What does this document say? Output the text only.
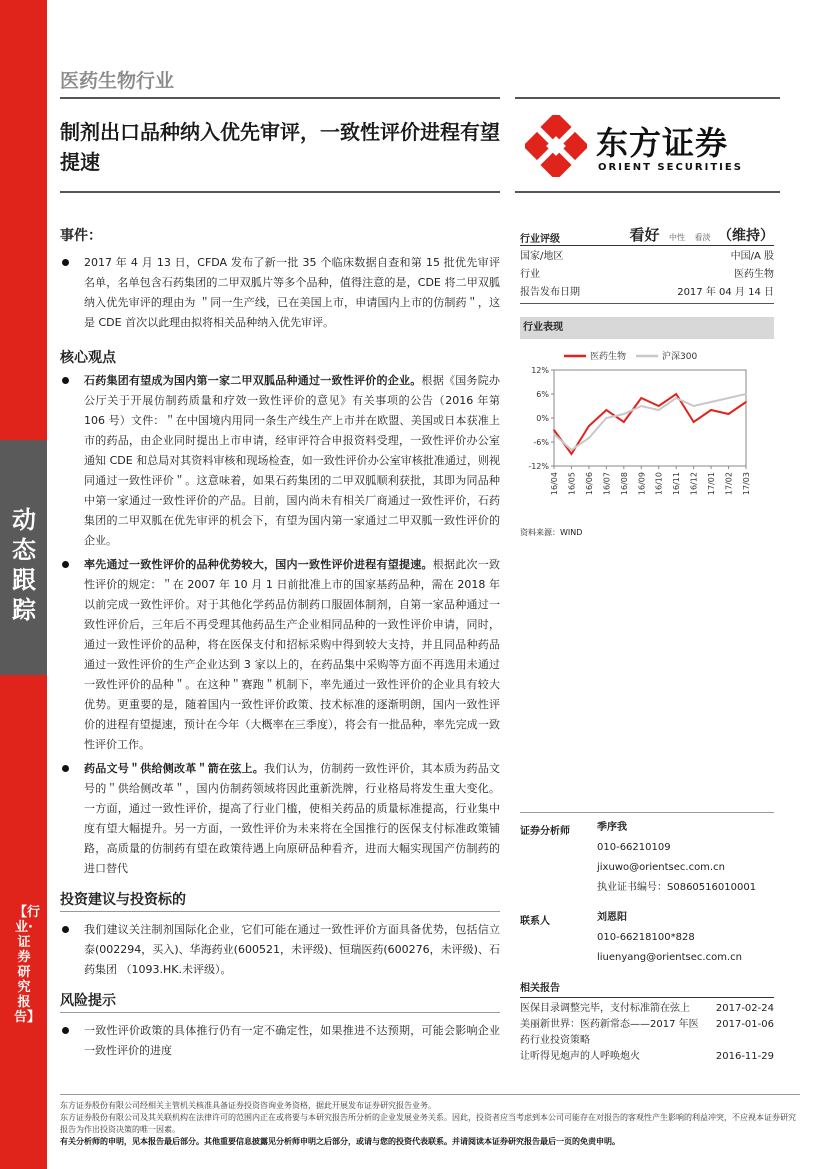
动态跟踪
【行业·证券研究报告】
医药生物行业
制剂出口品种纳入优先审评，一致性评价进程有望提速	东方证券
ORIENT SECURITIES
事件：
2017 年 4 月 13 日，CFDA 发布了新一批 35 个临床数据自查和第 15 批优先审评名单，名单包含石药集团的二甲双胍片等多个品种，值得注意的是，CDE 将二甲双胍纳入优先审评的理由为 ＂同一生产线，已在美国上市，申请国内上市的仿制药＂，这是 CDE 首次以此理由拟将相关品种纳入优先审评。
核心观点
石药集团有望成为国内第一家二甲双胍品种通过一致性评价的企业。根据《国务院办公厅关于开展仿制药质量和疗效一致性评价的意见》有关事项的公告（2016 年第 106 号）文件：＂在中国境内用同一条生产线生产上市并在欧盟、美国或日本获准上市的药品，由企业同时提出上市申请，经审评符合申报资料受理，一致性评价办公室通知 CDE 和总局对其资料审核和现场检查，如一致性评价办公室审核批准通过，则视同通过一致性评价＂。这意味着，如果石药集团的二甲双胍顺利获批，其即为同品种中第一家通过一致性评价的产品。目前，国内尚未有相关厂商通过一致性评价，石药集团的二甲双胍在优先审评的机会下，有望为国内第一家通过二甲双胍一致性评价的企业。
率先通过一致性评价的品种优势较大，国内一致性评价进程有望提速。根据此次一致性评价的规定：＂在 2007 年 10 月 1 日前批准上市的国家基药品种，需在 2018 年以前完成一致性评价。对于其他化学药品仿制药口服固体制剂，自第一家品种通过一致性评价后，三年后不再受理其他药品生产企业相同品种的一致性评价申请，同时，通过一致性评价的品种，将在医保支付和招标采购中得到较大支持，并且同品种药品通过一致性评价的生产企业达到 3 家以上的，在药品集中采购等方面不再选用未通过一致性评价的品种＂。在这种＂赛跑＂机制下，率先通过一致性评价的企业具有较大优势。更重要的是，随着国内一致性评价政策、技术标准的逐渐明朗，国内一致性评价的进程有望提速，预计在今年（大概率在三季度），将会有一批品种，率先完成一致性评价工作。
药品文号＂供给侧改革＂箭在弦上。我们认为，仿制药一致性评价，其本质为药品文号的＂供给侧改革＂，国内仿制药领域将因此重新洗牌，行业格局将发生重大变化。一方面，通过一致性评价，提高了行业门槛，使相关药品的质量标准提高，行业集中度有望大幅提升。另一方面，一致性评价为未来将在全国推行的医保支付标准政策铺路，高质量的仿制药有望在政策待遇上向原研品种看齐，进而大幅实现国产仿制药的进口替代
投资建议与投资标的
我们建议关注制剂国际化企业，它们可能在通过一致性评价方面具备优势，包括信立泰(002294，买入)、华海药业(600521，未评级)、恒瑞医药(600276，未评级)、石药集团 （1093.HK.未评级）。
风险提示
一致性评价政策的具体推行仍有一定不确定性，如果推进不达预期，可能会影响企业一致性评价的进度
行业评级	看好 中性 看淡 （维持）
国家/地区	中国/A 股
行业	医药生物
报告发布日期	2017 年 04 月 14 日
行业表现
12%
6%
0%
-6%
-12%
16/04 16/05 16/06 16/07 16/08 16/09 16/10 16/11 16/12 17/01 17/02 17/03
医药生物	沪深300
资料来源：WIND
证券分析师	季序我
010-66210109
jixuwo@orientsec.com.cn
执业证书编号：S0860516010001
联系人	刘恩阳
010-66218100*828
liuenyang@orientsec.com.cn
相关报告
医保目录调整完毕，支付标准箭在弦上	2017-02-24
美丽新世界：医药新常态——2017 年医 2017-01-06
药行业投资策略
让听得见炮声的人呼唤炮火	2016-11-29
东方证券股份有限公司经相关主管机关核准具备证券投资咨询业务资格，据此开展发布证券研究报告业务。
东方证券股份有限公司及其关联机构在法律许可的范围内正在或将要与本研究报告所分析的企业发展业务关系。因此，投资者应当考虑到本公司可能存在对报告的客观性产生影响的利益冲突，不应视本证券研究报告为作出投资决策的唯一因素。
有关分析师的申明，见本报告最后部分。其他重要信息披露见分析师申明之后部分，或请与您的投资代表联系。并请阅读本证券研究报告最后一页的免责申明。
